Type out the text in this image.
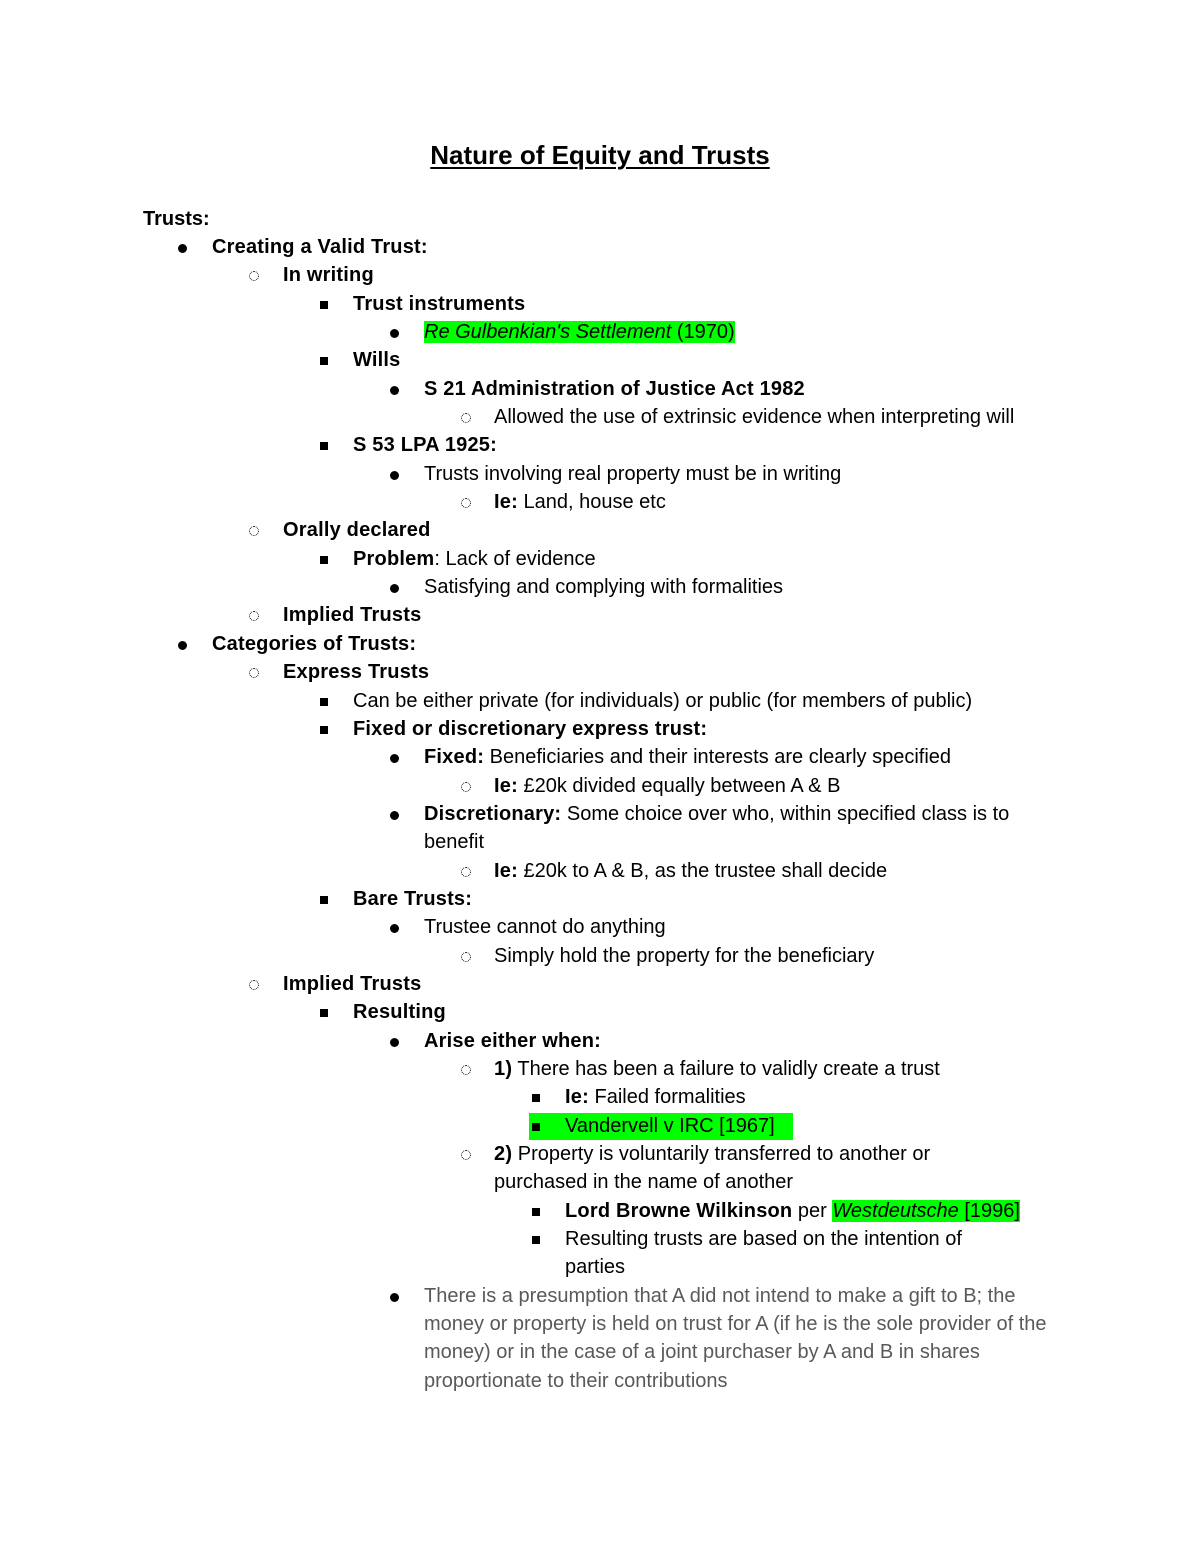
Nature of Equity and Trusts
Trusts:
Creating a Valid Trust:
In writing
Trust instruments
Re Gulbenkian's Settlement (1970)
Wills
S 21 Administration of Justice Act 1982
Allowed the use of extrinsic evidence when interpreting will
S 53 LPA 1925:
Trusts involving real property must be in writing
Ie: Land, house etc
Orally declared
Problem: Lack of evidence
Satisfying and complying with formalities
Implied Trusts
Categories of Trusts:
Express Trusts
Can be either private (for individuals) or public (for members of public)
Fixed or discretionary express trust:
Fixed: Beneficiaries and their interests are clearly specified
Ie: £20k divided equally between A & B
Discretionary: Some choice over who, within specified class is to benefit
Ie: £20k to A & B, as the trustee shall decide
Bare Trusts:
Trustee cannot do anything
Simply hold the property for the beneficiary
Implied Trusts
Resulting
Arise either when:
1) There has been a failure to validly create a trust
Ie: Failed formalities
Vandervell v IRC [1967]
2) Property is voluntarily transferred to another or purchased in the name of another
Lord Browne Wilkinson per Westdeutsche [1996]
Resulting trusts are based on the intention of parties
There is a presumption that A did not intend to make a gift to B; the money or property is held on trust for A (if he is the sole provider of the money) or in the case of a joint purchaser by A and B in shares proportionate to their contributions
